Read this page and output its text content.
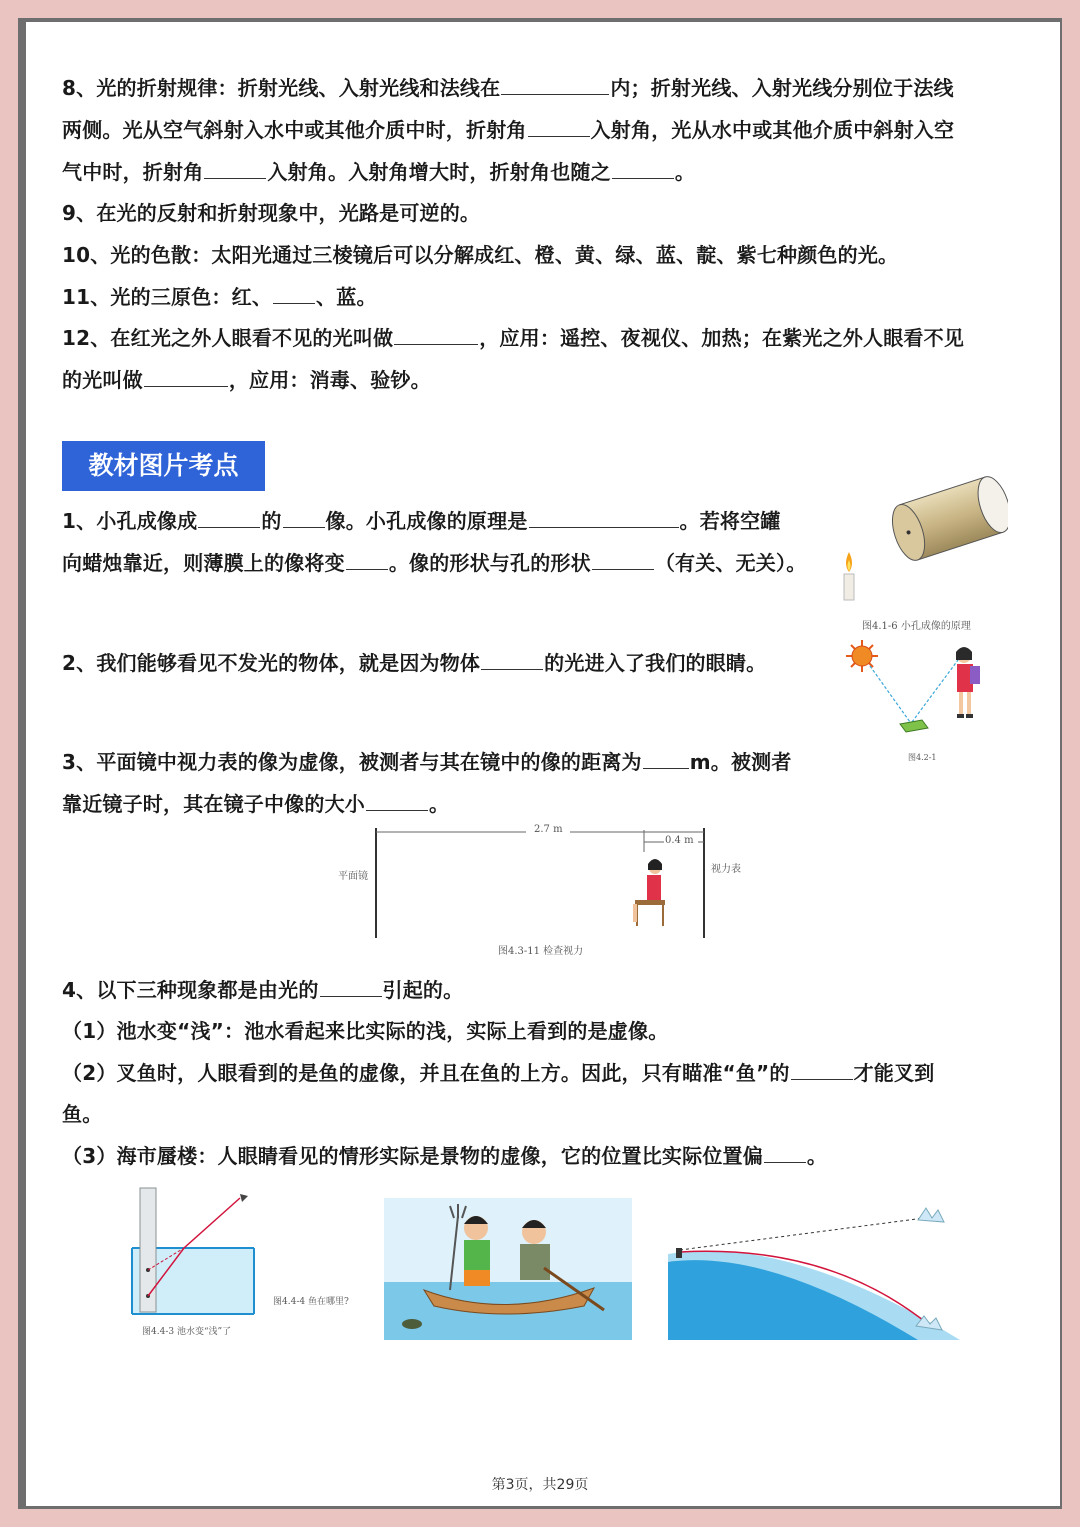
8、光的折射规律：折射光线、入射光线和法线在	内；折射光线、入射光线分别位于法线
两侧。光从空气斜射入水中或其他介质中时，折射角	入射角，光从水中或其他介质中斜射入空
气中时，折射角	入射角。入射角增大时，折射角也随之	。
9、在光的反射和折射现象中，光路是可逆的。
10、光的色散：太阳光通过三棱镜后可以分解成红、橙、黄、绿、蓝、靛、紫七种颜色的光。
11、光的三原色：红、 、蓝。
12、在红光之外人眼看不见的光叫做	，应用：遥控、夜视仪、加热；在紫光之外人眼看不见
的光叫做	，应用：消毒、验钞。
教材图片考点
1、小孔成像成	的 像。小孔成像的原理是	。若将空罐
向蜡烛靠近，则薄膜上的像将变 。像的形状与孔的形状	（有关、无关）。
图4.1-6 小孔成像的原理
2、我们能够看见不发光的物体，就是因为物体	的光进入了我们的眼睛。
图4.2-1
3、平面镜中视力表的像为虚像，被测者与其在镜中的像的距离为 m。被测者
靠近镜子时，其在镜子中像的大小	。
2.7 m
0.4 m
平面镜
视力表
图4.3-11 检查视力
4、以下三种现象都是由光的	引起的。
（1）池水变“浅”：池水看起来比实际的浅，实际上看到的是虚像。
（2）叉鱼时，人眼看到的是鱼的虚像，并且在鱼的上方。因此，只有瞄准“鱼”的	才能叉到
鱼。
（3）海市蜃楼：人眼睛看见的情形实际是景物的虚像，它的位置比实际位置偏 。
图4.4-3 池水变“浅”了
图4.4-4 鱼在哪里?
第3页，共29页
